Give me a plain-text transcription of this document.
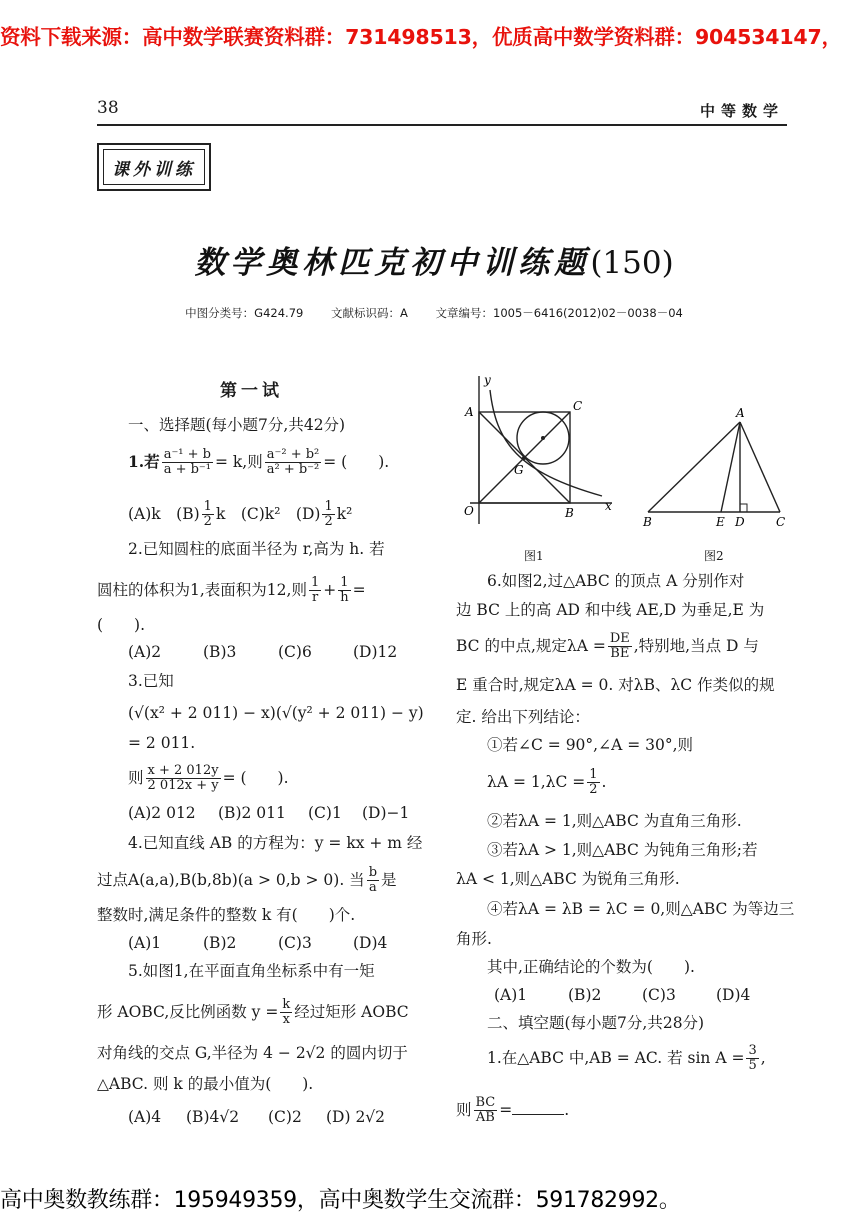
资料下载来源：高中数学联赛资料群：731498513，优质高中数学资料群：904534147，
38	中等数学
课外训练
数学奥林匹克初中训练题(150)
中图分类号：G424.79 文献标识码：A 文章编号：1005－6416(2012)02－0038－04
第一试
一、选择题(每小题7分,共42分)
1.若 $\frac{\text{a⁻¹ + b}}{\text{a + b⁻¹}} = k$,则 $\frac{\text{a⁻² + b²}}{\text{a² + b⁻²}}$ = (　　).
(A)k　$(B) \frac{1}{2}$ k　(C)k²　$(D) \frac{1}{2} k^2$
2.已知圆柱的底面半径为 r,高为 h. 若
圆柱的体积为1,表面积为12,则 $\frac{1}{r} + \frac{1}{h}$ =
(　　).
(A)2	(B)3	(C)6	(D)12
3.已知
(√(x² + 2 011) − x)(√(y² + 2 011) − y)
= 2 011.
则 $\frac{x + 2 012y}{2 012x + y}$ = (　　).
(A)2 012 (B)2 011 (C)1 (D)−1
4.已知直线 AB 的方程为：y = kx + m 经
过点A(a,a),B(b,8b)(a > 0,b > 0). 当 $\frac{b}{a}$ 是
整数时,满足条件的整数 k 有(　　)个.
(A)1	(B)2	(C)3	(D)4
5.如图1,在平面直角坐标系中有一矩
形 AOBC,反比例函数 $y = \frac{k}{x}$ 经过矩形 AOBC
对角线的交点 G,半径为 4 − 2√2 的圆内切于
△ABC. 则 k 的最小值为(　　).
(A)4 (B)4√2 (C)2 (D) 2√2
y
x
A	C
G
O	B
图1
A
B	E D	C
图2
6.如图2,过△ABC 的顶点 A 分别作对
边 BC 上的高 AD 和中线 AE,D 为垂足,E 为
BC 的中点,规定$\lambda A = \frac{DE}{BE}$ ,特别地,当点 D 与
E 重合时,规定λA = 0. 对λB、λC 作类似的规
定. 给出下列结论：
①若∠C = 90°,∠A = 30°,则
$\lambda A = 1,\lambda C = \frac{1}{2}$ .
②若λA = 1,则△ABC 为直角三角形.
③若λA > 1,则△ABC 为钝角三角形;若
λA < 1,则△ABC 为锐角三角形.
④若λA = λB = λC = 0,则△ABC 为等边三
角形.
其中,正确结论的个数为(　　).
(A)1	(B)2	(C)3	(D)4
二、填空题(每小题7分,共28分)
1.在△ABC 中,AB = AC. 若 $\sin A = \frac{3}{5}$ ,
则 $\frac{BC}{AB}$ =	.
高中奥数教练群：195949359，高中奥数学生交流群：591782992。
